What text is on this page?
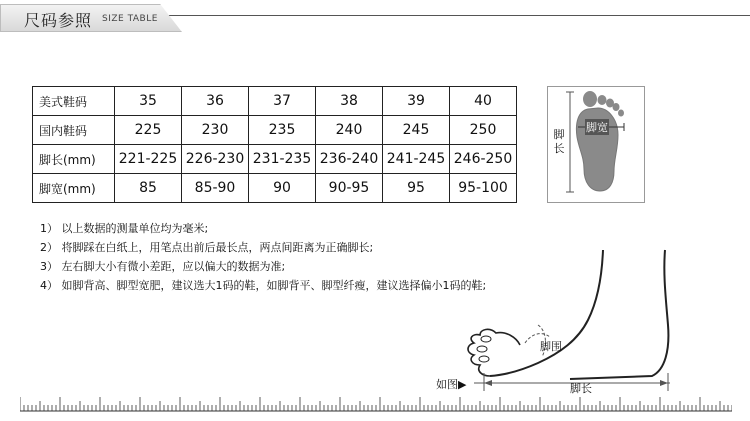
尺码参照 SIZE TABLE
美式鞋码	35	36	37	38	39	40
国内鞋码	225	230	235	240	245	250
脚长(mm)	221-225	226-230	231-235	236-240	241-245	246-250
脚宽(mm)	85	85-90	90	90-95	95	95-100
脚长
脚宽
1） 以上数据的测量单位均为毫米;
2） 将脚踩在白纸上，用笔点出前后最长点，两点间距离为正确脚长;
3） 左右脚大小有微小差距，应以偏大的数据为准;
4） 如脚背高、脚型宽肥，建议选大1码的鞋，如脚背平、脚型纤瘦，建议选择偏小1码的鞋;
脚围
脚长
如图▶
